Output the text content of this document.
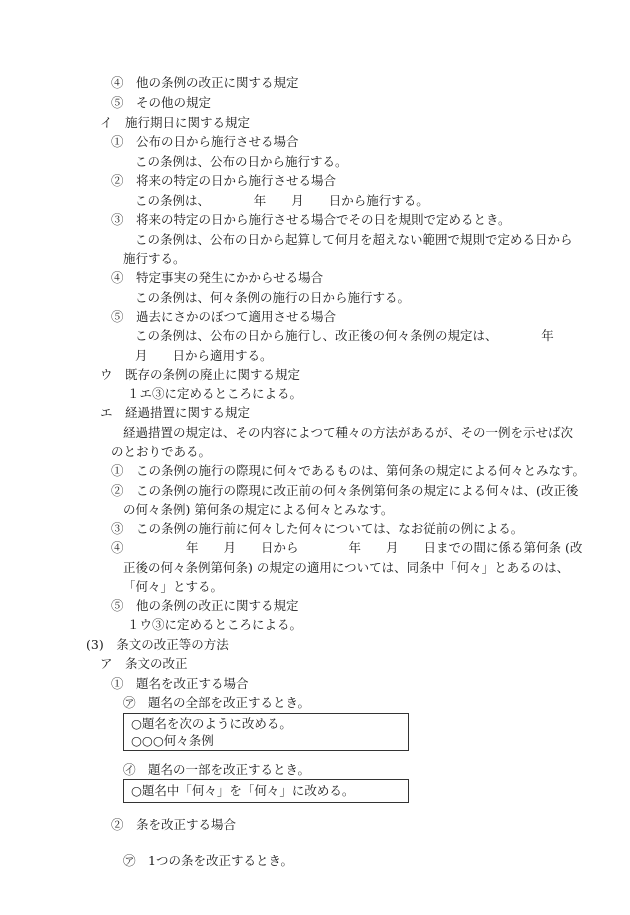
④　他の条例の改正に関する規定
⑤　その他の規定
イ　施行期日に関する規定
①　公布の日から施行させる場合
この条例は、公布の日から施行する。
②　将来の特定の日から施行させる場合
この条例は、　　　　年　　月　　日から施行する。
③　将来の特定の日から施行させる場合でその日を規則で定めるとき。
この条例は、公布の日から起算して何月を超えない範囲で規則で定める日から
施行する。
④　特定事実の発生にかからせる場合
この条例は、何々条例の施行の日から施行する。
⑤　過去にさかのぼつて適用させる場合
この条例は、公布の日から施行し、改正後の何々条例の規定は、　　　　年
月　　日から適用する。
ウ　既存の条例の廃止に関する規定
１エ③に定めるところによる。
エ　経過措置に関する規定
経過措置の規定は、その内容によつて種々の方法があるが、その一例を示せば次
のとおりである。
①　この条例の施行の際現に何々であるものは、第何条の規定による何々とみなす。
②　この条例の施行の際現に改正前の何々条例第何条の規定による何々は、(改正後
の何々条例) 第何条の規定による何々とみなす。
③　この条例の施行前に何々した何々については、なお従前の例による。
④　　　　　年　　月　　日から　　　　年　　月　　日までの間に係る第何条 (改
正後の何々条例第何条) の規定の適用については、同条中「何々」とあるのは、
「何々」とする。
⑤　他の条例の改正に関する規定
１ウ③に定めるところによる。
(3)　条文の改正等の方法
ア　条文の改正
①　題名を改正する場合
㋐　題名の全部を改正するとき。
○題名を次のように改める。
○○○何々条例
㋑　題名の一部を改正するとき。
○題名中「何々」を「何々」に改める。
②　条を改正する場合
㋐　1つの条を改正するとき。
